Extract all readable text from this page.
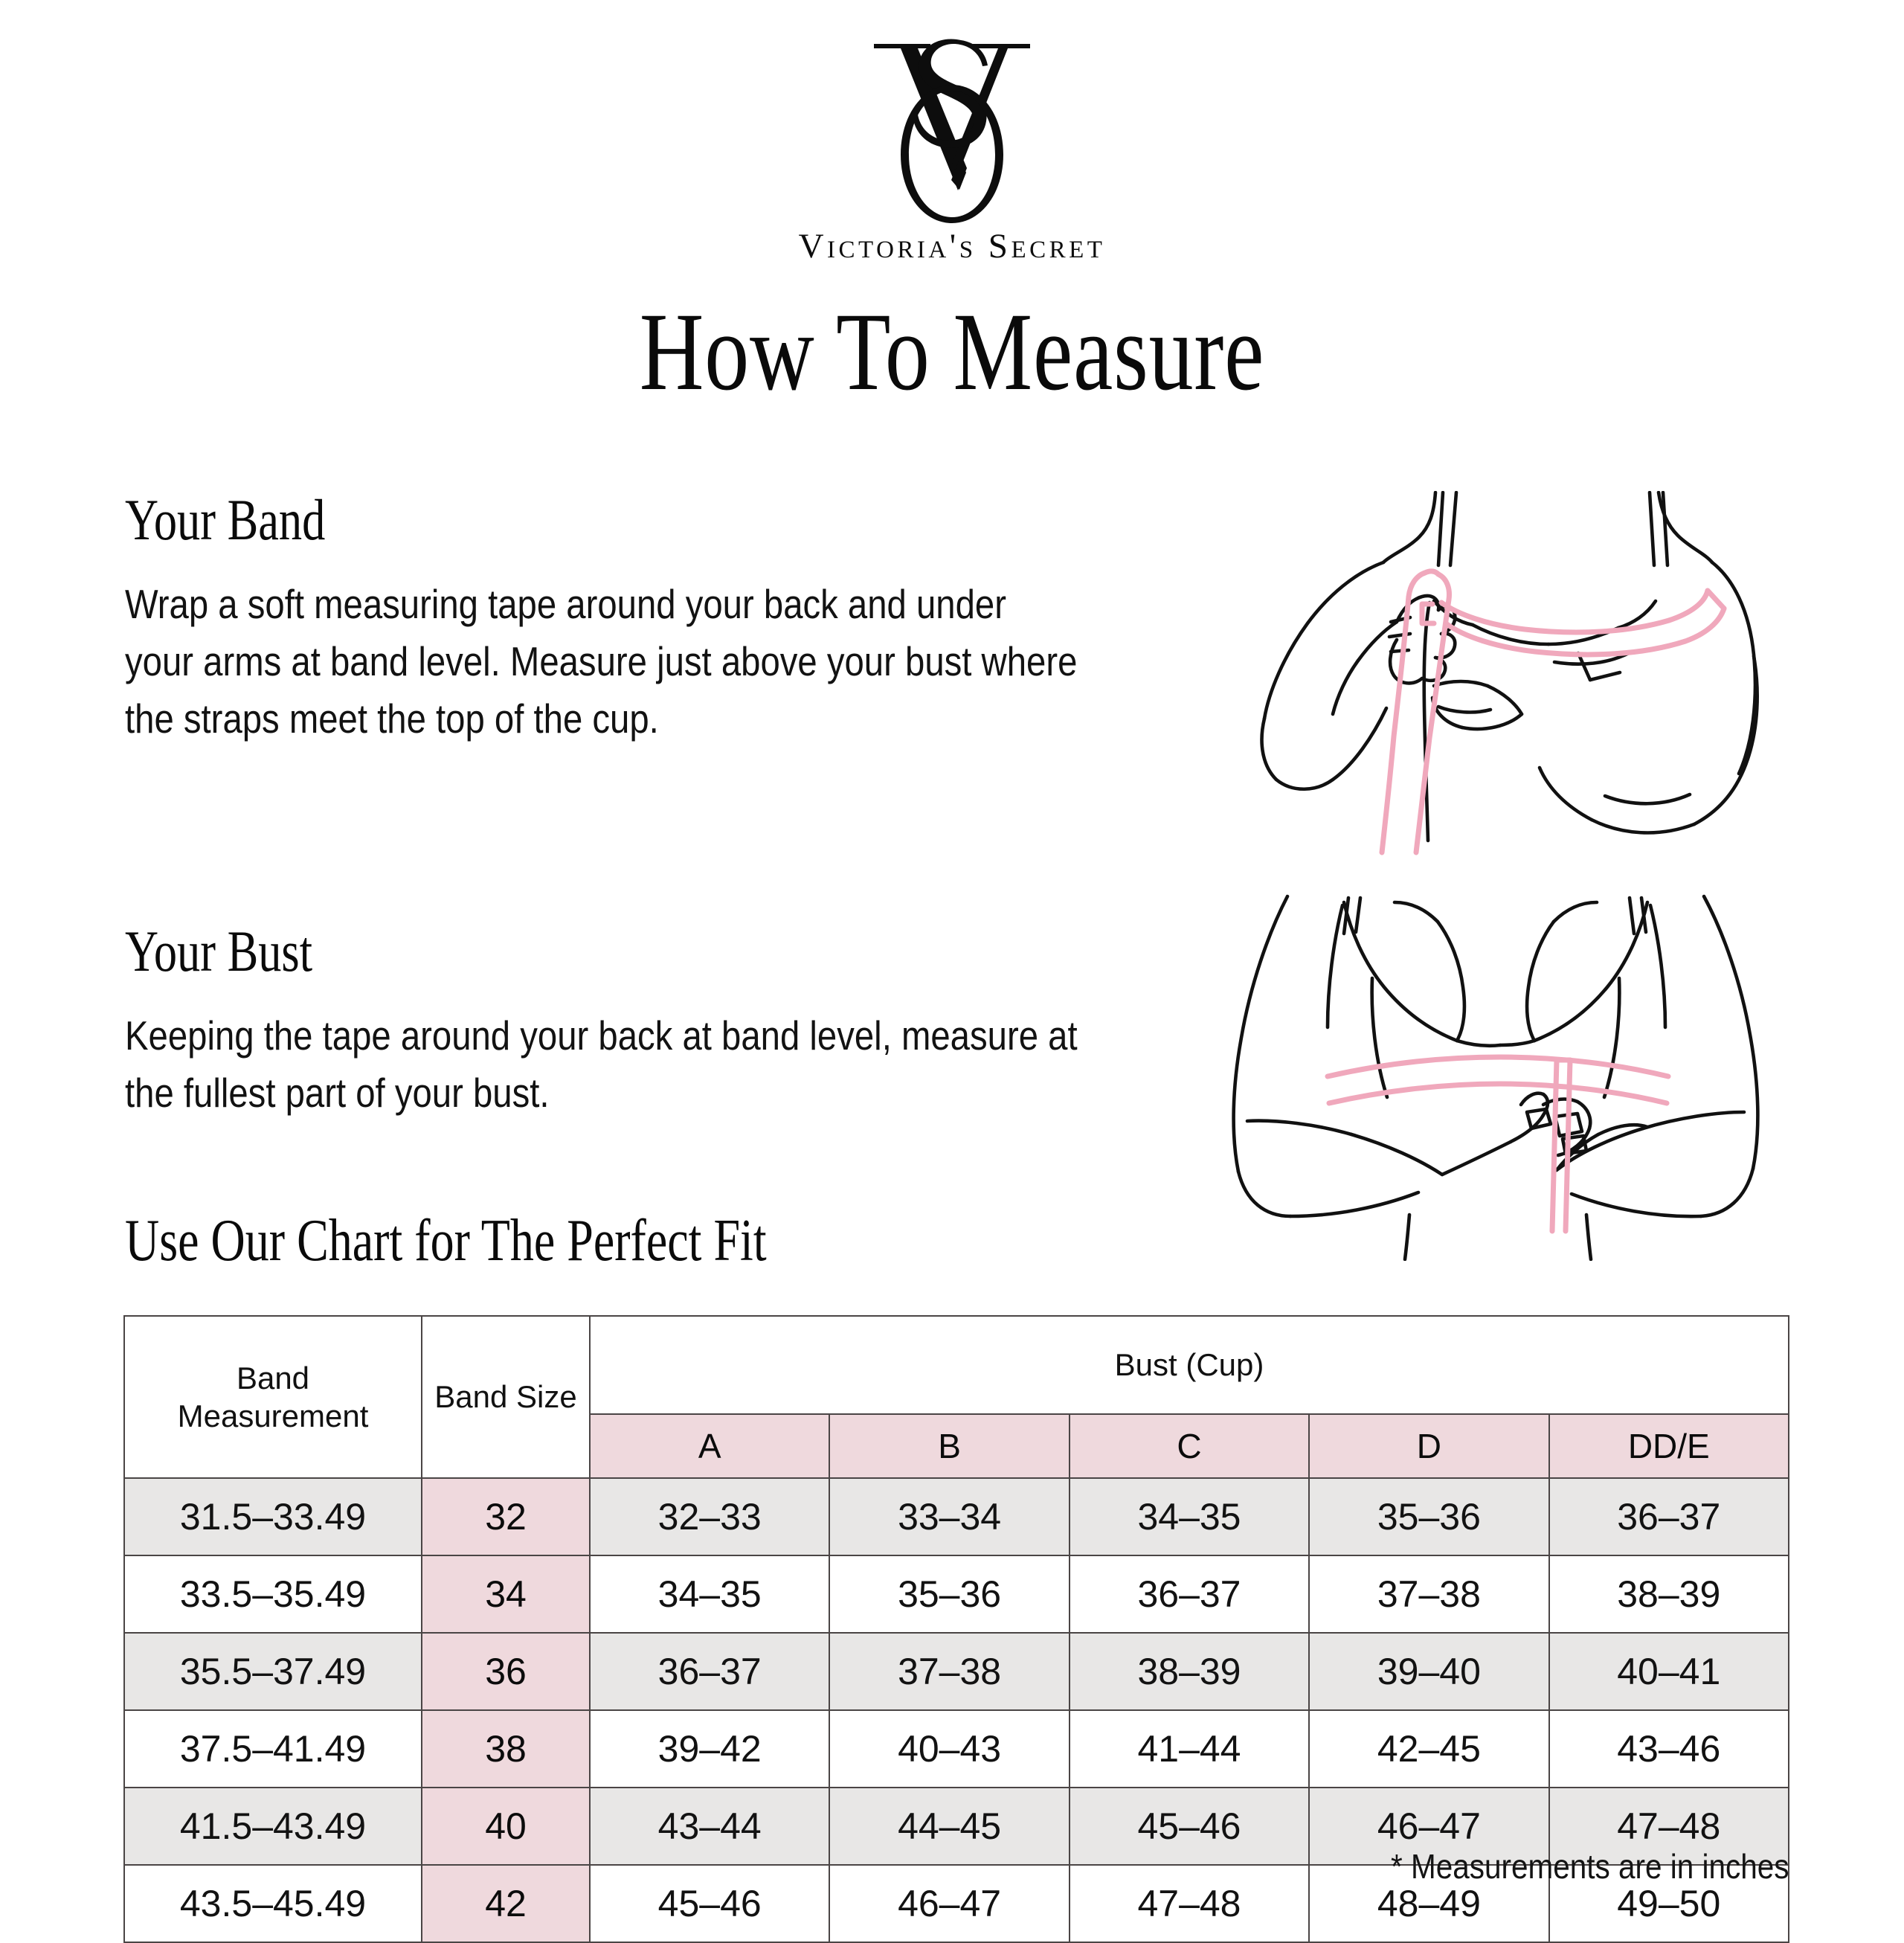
Victoria's Secret
How To Measure
Your Band
Wrap a soft measuring tape around your back and under your arms at band level. Measure just above your bust where the straps meet the top of the cup.
Your Bust
Keeping the tape around your back at band level, measure at the fullest part of your bust.
Use Our Chart for The Perfect Fit
Band
Measurement	Band Size	Bust (Cup)				
		A	B	C	D	DD/E
31.5–33.49	32	32–33	33–34	34–35	35–36	36–37
33.5–35.49	34	34–35	35–36	36–37	37–38	38–39
35.5–37.49	36	36–37	37–38	38–39	39–40	40–41
37.5–41.49	38	39–42	40–43	41–44	42–45	43–46
41.5–43.49	40	43–44	44–45	45–46	46–47	47–48
43.5–45.49	42	45–46	46–47	47–48	48–49	49–50
* Measurements are in inches
